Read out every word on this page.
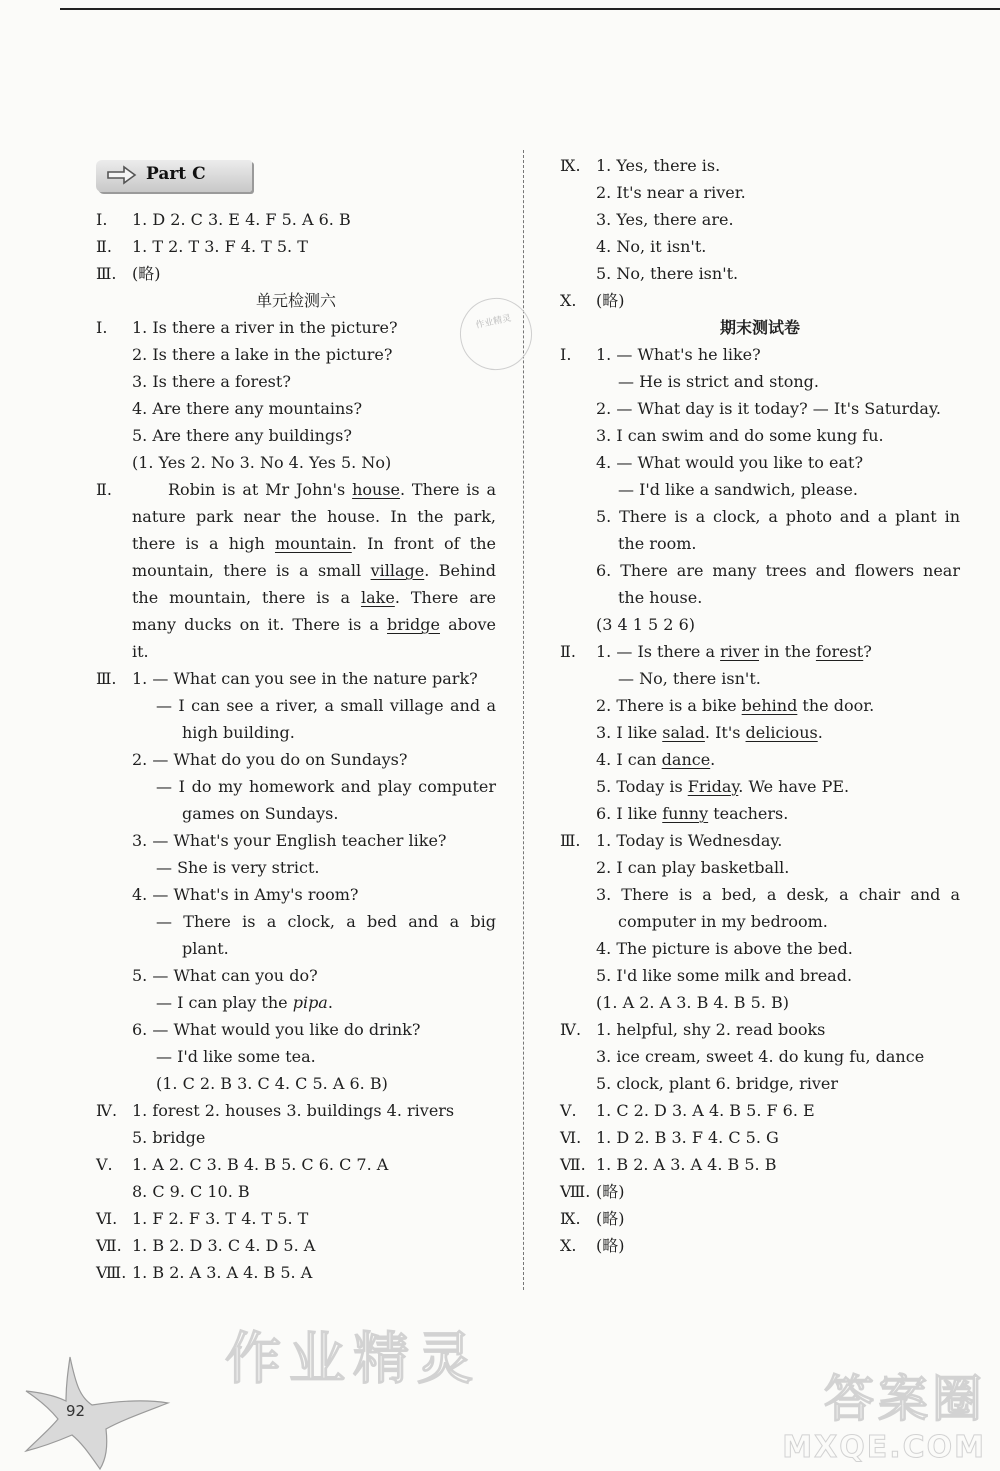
Part C
Ⅰ.	1. D 2. C 3. E 4. F 5. A 6. B
Ⅱ.	1. T 2. T 3. F 4. T 5. T
Ⅲ. (略)
单元检测六
Ⅰ.	1. Is there a river in the picture?
2. Is there a lake in the picture?
3. Is there a forest?
4. Are there any mountains?
5. Are there any buildings?
(1. Yes 2. No 3. No 4. Yes 5. No)
Ⅱ.	Robin is at Mr John's house. There is a
nature park near the house. In the park,
there is a high mountain. In front of the
mountain, there is a small village. Behind
the mountain, there is a lake. There are
many ducks on it. There is a bridge above
it.
Ⅲ. 1. — What can you see in the nature park?
— I can see a river, a small village and a
high building.
2. — What do you do on Sundays?
— I do my homework and play computer
games on Sundays.
3. — What's your English teacher like?
— She is very strict.
4. — What's in Amy's room?
— There is a clock, a bed and a big
plant.
5. — What can you do?
— I can play the pipa.
6. — What would you like do drink?
— I'd like some tea.
(1. C 2. B 3. C 4. C 5. A 6. B)
Ⅳ. 1. forest 2. houses 3. buildings 4. rivers
5. bridge
Ⅴ.	1. A 2. C 3. B 4. B 5. C 6. C 7. A
8. C 9. C 10. B
Ⅵ. 1. F 2. F 3. T 4. T 5. T
Ⅶ. 1. B 2. D 3. C 4. D 5. A
Ⅷ. 1. B 2. A 3. A 4. B 5. A
Ⅸ. 1. Yes, there is.
2. It's near a river.
3. Yes, there are.
4. No, it isn't.
5. No, there isn't.
Ⅹ.	(略)
期末测试卷
Ⅰ.	1. — What's he like?
— He is strict and stong.
2. — What day is it today? — It's Saturday.
3. I can swim and do some kung fu.
4. — What would you like to eat?
— I'd like a sandwich, please.
5. There is a clock, a photo and a plant in
the room.
6. There are many trees and flowers near
the house.
(3 4 1 5 2 6)
Ⅱ.	1. — Is there a river in the forest?
— No, there isn't.
2. There is a bike behind the door.
3. I like salad. It's delicious.
4. I can dance.
5. Today is Friday. We have PE.
6. I like funny teachers.
Ⅲ. 1. Today is Wednesday.
2. I can play basketball.
3. There is a bed, a desk, a chair and a
computer in my bedroom.
4. The picture is above the bed.
5. I'd like some milk and bread.
(1. A 2. A 3. B 4. B 5. B)
Ⅳ. 1. helpful, shy 2. read books
3. ice cream, sweet 4. do kung fu, dance
5. clock, plant 6. bridge, river
Ⅴ.	1. C 2. D 3. A 4. B 5. F 6. E
Ⅵ. 1. D 2. B 3. F 4. C 5. G
Ⅶ. 1. B 2. A 3. A 4. B 5. B
Ⅷ. (略)
Ⅸ. (略)
Ⅹ.	(略)
作业精灵
作业精灵
答案圈
MXQE.COM
92
